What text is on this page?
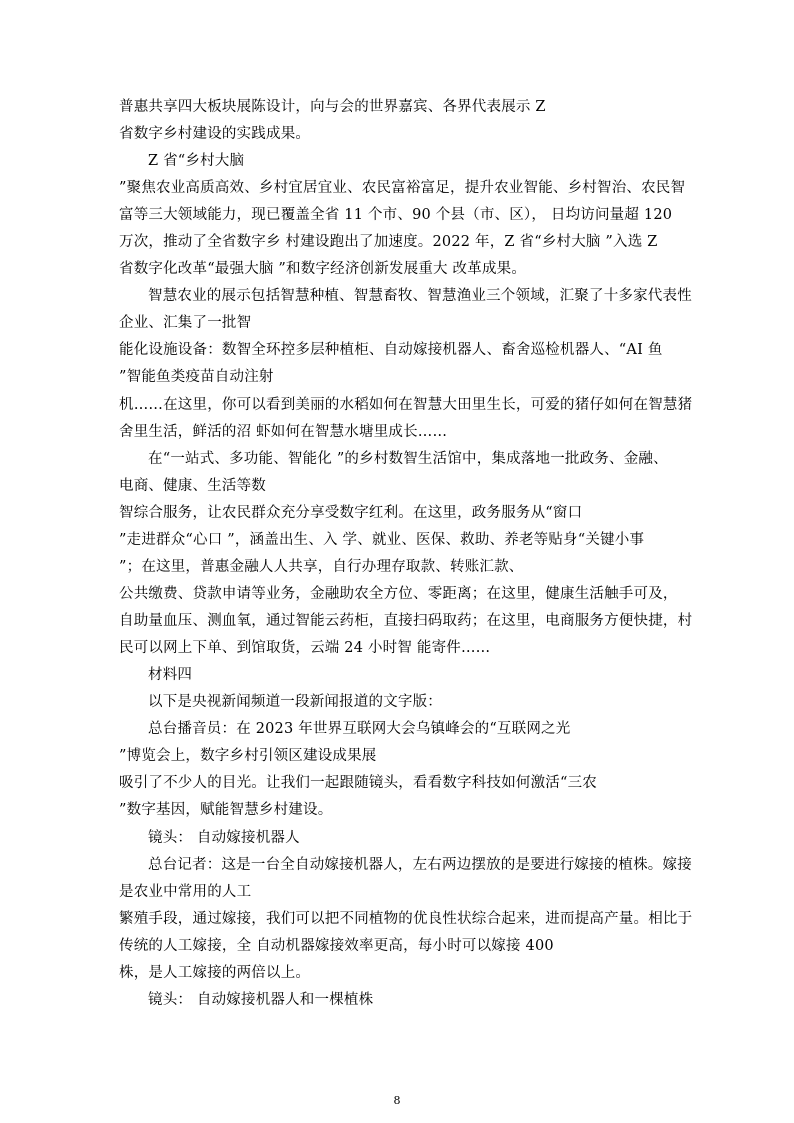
普惠共享四大板块展陈设计，向与会的世界嘉宾、各界代表展示 Z
省数字乡村建设的实践成果。
Z 省“乡村大脑
”聚焦农业高质高效、乡村宜居宜业、农民富裕富足，提升农业智能、乡村智治、农民智
富等三大领域能力，现已覆盖全省 11 个市、90 个县（市、区）， 日均访问量超 120
万次，推动了全省数字乡 村建设跑出了加速度。2022 年，Z 省“乡村大脑 ”入选 Z
省数字化改革“最强大脑 ”和数字经济创新发展重大 改革成果。
智慧农业的展示包括智慧种植、智慧畜牧、智慧渔业三个领域，汇聚了十多家代表性
企业、汇集了一批智
能化设施设备：数智全环控多层种植柜、自动嫁接机器人、畜舍巡检机器人、“AI 鱼
”智能鱼类疫苗自动注射
机……在这里，你可以看到美丽的水稻如何在智慧大田里生长，可爱的猪仔如何在智慧猪
舍里生活，鲜活的沼 虾如何在智慧水塘里成长……
在“一站式、多功能、智能化 ”的乡村数智生活馆中，集成落地一批政务、金融、
电商、健康、生活等数
智综合服务，让农民群众充分享受数字红利。在这里，政务服务从“窗口
”走进群众“心口 ”，涵盖出生、入 学、就业、医保、救助、养老等贴身“关键小事
”；在这里，普惠金融人人共享，自行办理存取款、转账汇款、
公共缴费、贷款申请等业务，金融助农全方位、零距离；在这里，健康生活触手可及，
自助量血压、测血氧，通过智能云药柜，直接扫码取药；在这里，电商服务方便快捷，村
民可以网上下单、到馆取货，云端 24 小时智 能寄件……
材料四
以下是央视新闻频道一段新闻报道的文字版：
总台播音员：在 2023 年世界互联网大会乌镇峰会的“互联网之光
”博览会上，数字乡村引领区建设成果展
吸引了不少人的目光。让我们一起跟随镜头，看看数字科技如何激活“三农
”数字基因，赋能智慧乡村建设。
镜头： 自动嫁接机器人
总台记者：这是一台全自动嫁接机器人，左右两边摆放的是要进行嫁接的植株。嫁接
是农业中常用的人工
繁殖手段，通过嫁接，我们可以把不同植物的优良性状综合起来，进而提高产量。相比于
传统的人工嫁接，全 自动机器嫁接效率更高，每小时可以嫁接 400
株，是人工嫁接的两倍以上。
镜头： 自动嫁接机器人和一棵植株
8
